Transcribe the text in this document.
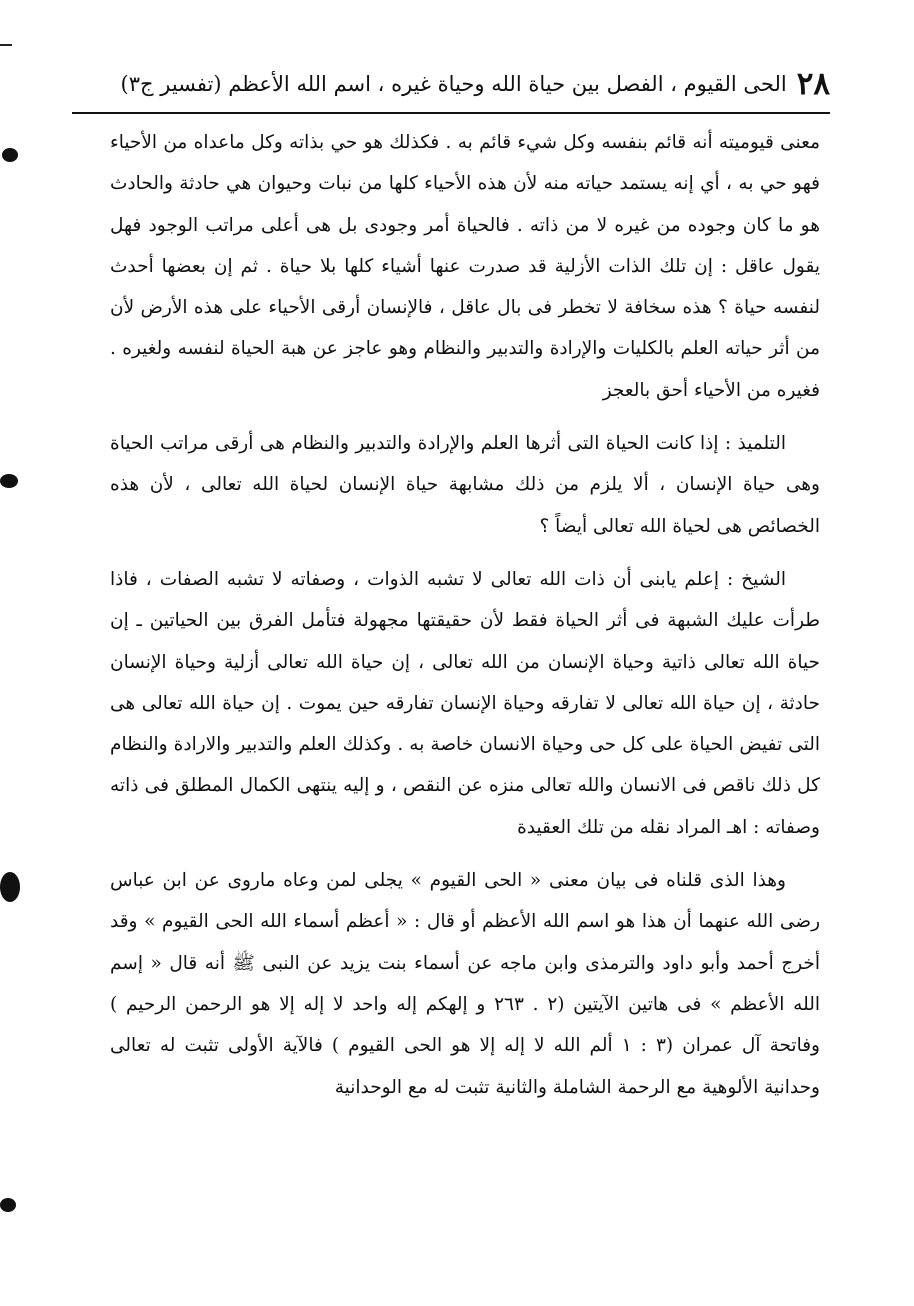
٢٨
الحى القيوم ، الفصل بين حياة الله وحياة غيره ، اسم الله الأعظم (تفسير ج٣)

معنى قيوميته أنه قائم بنفسه وكل شيء قائم به . فكذلك هو حي بذاته وكل ماعداه من الأحياء فهو حي به ، أي إنه يستمد حياته منه لأن هذه الأحياء كلها من نبات وحيوان هي حادثة والحادث هو ما كان وجوده من غيره لا من ذاته . فالحياة أمر وجودى بل هى أعلى مراتب الوجود فهل يقول عاقل : إن تلك الذات الأزلية قد صدرت عنها أشياء كلها بلا حياة . ثم إن بعضها أحدث لنفسه حياة ؟ هذه سخافة لا تخطر فى بال عاقل ، فالإنسان أرقى الأحياء على هذه الأرض لأن من أثر حياته العلم بالكليات والإرادة والتدبير والنظام وهو عاجز عن هبة الحياة لنفسه ولغيره . فغيره من الأحياء أحق بالعجز

التلميذ : إذا كانت الحياة التى أثرها العلم والإرادة والتدبير والنظام هى أرقى مراتب الحياة وهى حياة الإنسان ، ألا يلزم من ذلك مشابهة حياة الإنسان لحياة الله تعالى ، لأن هذه الخصائص هى لحياة الله تعالى أيضاً ؟

الشيخ : إعلم يابنى أن ذات الله تعالى لا تشبه الذوات ، وصفاته لا تشبه الصفات ، فاذا طرأت عليك الشبهة فى أثر الحياة فقط لأن حقيقتها مجهولة فتأمل الفرق بين الحياتين ـ إن حياة الله تعالى ذاتية وحياة الإنسان من الله تعالى ، إن حياة الله تعالى أزلية وحياة الإنسان حادثة ، إن حياة الله تعالى لا تفارقه وحياة الإنسان تفارقه حين يموت . إن حياة الله تعالى هى التى تفيض الحياة على كل حى وحياة الانسان خاصة به . وكذلك العلم والتدبير والارادة والنظام كل ذلك ناقص فى الانسان والله تعالى منزه عن النقص ، و إليه ينتهى الكمال المطلق فى ذاته وصفاته : اهـ المراد نقله من تلك العقيدة

وهذا الذى قلناه فى بيان معنى « الحى القيوم » يجلى لمن وعاه ماروى عن ابن عباس رضى الله عنهما أن هذا هو اسم الله الأعظم أو قال : « أعظم أسماء الله الحى القيوم » وقد أخرج أحمد وأبو داود والترمذى وابن ماجه عن أسماء بنت يزيد عن النبى ﷺ أنه قال « إسم الله الأعظم » فى هاتين الآيتين (٢ . ٢٦٣ و إلهكم إله واحد لا إله إلا هو الرحمن الرحيم ) وفاتحة آل عمران (٣ : ١ ألم الله لا إله إلا هو الحى القيوم ) فالآية الأولى تثبت له تعالى وحدانية الألوهية مع الرحمة الشاملة والثانية تثبت له مع الوحدانية
